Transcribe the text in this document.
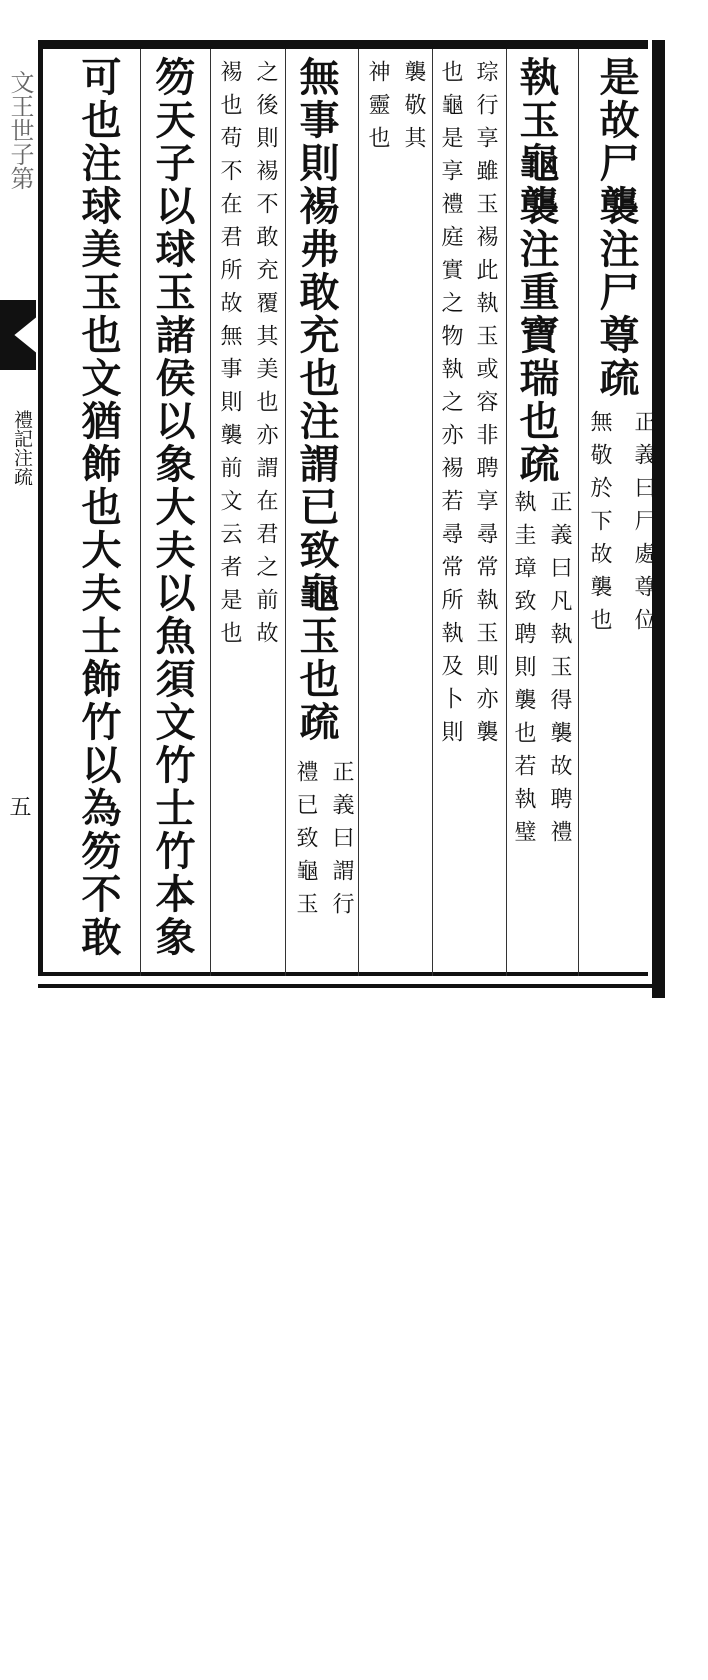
文王世子第
禮記注疏
五
是故尸襲注尸尊疏
正義曰尸處尊位
無敬於下故襲也
執玉龜襲注重寶瑞也疏
正義曰凡執玉得襲故聘禮
執圭璋致聘則襲也若執璧
琮行享雖玉裼此執玉或容非聘享尋常執玉則亦襲
也龜是享禮庭實之物執之亦裼若尋常所執及卜則
襲敬其
神靈也
無事則裼弗敢充也注謂已致龜玉也疏
正義曰謂行
禮已致龜玉
之後則裼不敢充覆其美也亦謂在君之前故
裼也苟不在君所故無事則襲前文云者是也
笏天子以球玉諸侯以象大夫以魚須文竹士竹本象
可也注球美玉也文猶飾也大夫士飾竹以為笏不敢
